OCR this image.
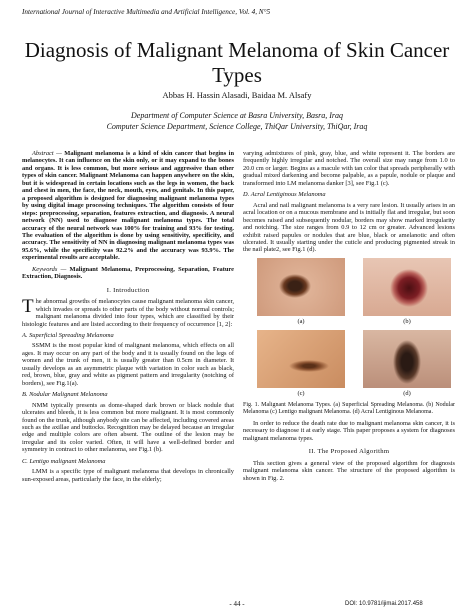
International Journal of Interactive Multimedia and Artificial Intelligence, Vol. 4, N°5
Diagnosis of Malignant Melanoma of Skin Cancer Types
Abbas H. Hassin Alasadi, Baidaa M. Alsafy
Department of Computer Science at Basra University, Basra, Iraq
Computer Science Department, Science College, ThiQar University, ThiQar, Iraq

Abstract — Malignant melanoma is a kind of skin cancer that begins in melanocytes. It can influence on the skin only, or it may expand to the bones and organs. It is less common, but more serious and aggressive than other types of skin cancer. Malignant Melanoma can happen anywhere on the skin, but it is widespread in certain locations such as the legs in women, the back and chest in men, the face, the neck, mouth, eyes, and genitals. In this paper, a proposed algorithm is designed for diagnosing malignant melanoma types by using digital image processing techniques. The algorithm consists of four steps: preprocessing, separation, features extraction, and diagnosis. A neural network (NN) used to diagnose malignant melanoma types. The total accuracy of the neural network was 100% for training and 93% for testing. The evaluation of the algorithm is done by using sensitivity, specificity, and accuracy. The sensitivity of NN in diagnosing malignant melanoma types was 95.6%, while the specificity was 92.2% and the accuracy was 93.9%. The experimental results are acceptable.

Keywords — Malignant Melanoma, Preprocessing, Separation, Feature Extraction, Diagnosis.

I. Introduction

The abnormal growths of melanocytes cause malignant melanoma skin cancer, which invades or spreads to other parts of the body without normal controls; malignant melanoma divided into four types, which are classified by their histologic features and are listed according to their frequency of occurrence [1, 2]:

A. Superficial Spreading Melanoma

SSMM is the most popular kind of malignant melanoma, which effects on all ages. It may occur on any part of the body and it is usually found on the legs of women and the trunk of men, it is usually greater than 0.5cm in diameter. It usually develops as an asymmetric plaque with variation in color such as black, red, brown, blue, gray and white as pigment pattern and irregularity (notching of borders), see Fig.1(a).

B. Nodular Malignant Melanoma

NMM typically presents as dome-shaped dark brown or black nodule that ulcerates and bleeds, it is less common but more malignant. It is most commonly found on the trunk, although anybody site can be affected, including covered areas such as the axillae and buttocks. Recognition may be delayed because an irregular edge and multiple colors are often absent. The outline of the lesion may be irregular and its color varied. Often, it will have a well-defined border and symmetry in contract to other melanoma, see Fig.1 (b).

C. Lentigo malignant Melanoma

LMM is a specific type of malignant melanoma that develops in chronically sun-exposed areas, particularly the face, in the elderly;

varying admixtures of pink, gray, blue, and white represent it. The borders are frequently highly irregular and notched. The overall size may range from 1.0 to 20.0 cm or larger. Begins as a macule with tan color that spreads peripherally with gradual mixed darkening and become palpable, as a papule, nodule or plaque and transformed into LM melanoma danker [3], see Fig.1 (c).

D. Acral Lentiginous Melanoma

Acral and nail malignant melanoma is a very rare lesion. It usually arises in an acral location or on a mucous membrane and is initially flat and irregular, but soon becomes raised and subsequently nodular, borders may show marked irregularity and notching. The size ranges from 0.9 to 12 cm or greater. Advanced lesions exhibit raised papules or nodules that are blue, black or amelanotic and often ulcerated. It usually starting under the cuticle and producing pigmented streak in the nail plate2, see Fig.1 (d).

(a)	(b)
(c)	(d)

Fig. 1. Malignant Melanoma Types. (a) Superficial Spreading Melanoma. (b) Nodular Melanoma (c) Lentigo malignant Melanoma. (d) Acral Lentiginous Melanoma.

In order to reduce the death rate due to malignant melanoma skin cancer, it is necessary to diagnose it at early stage. This paper proposes a system for diagnoses malignant melanoma types.

II. The Proposed Algorithm

This section gives a general view of the proposed algorithm for diagnosis malignant melanoma skin cancer. The structure of the proposed algorithm is shown in Fig. 2.

- 44 -	DOI: 10.9781/ijimai.2017.458
